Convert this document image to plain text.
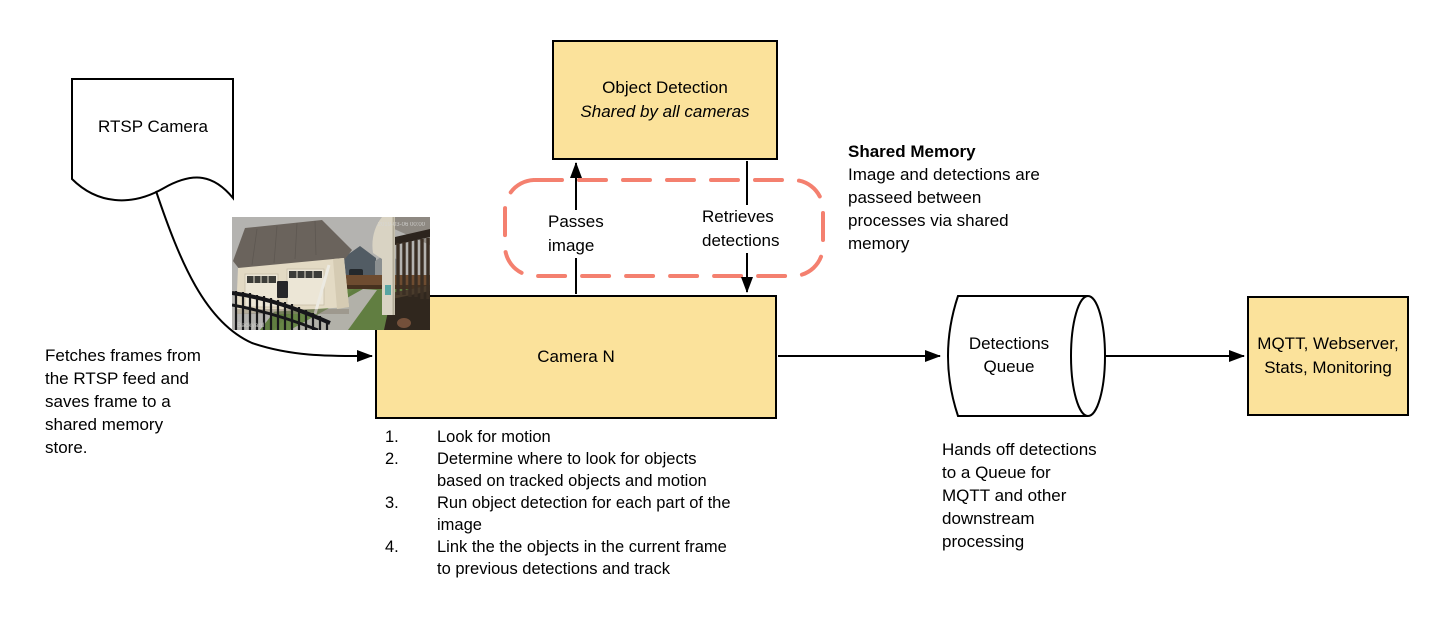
RTSP Camera
Fetches frames from
the RTSP feed and
saves frame to a
shared memory
store.
Object Detection
Shared by all cameras
Passes
image
Retrieves
detections
Shared Memory
Image and detections are
passeed between
processes via shared
memory
Camera N
1.	Look for motion
2.	Determine where to look for objects
based on tracked objects and motion
3.	Run object detection for each part of the
image
4.	Link the the objects in the current frame
to previous detections and track
Detections
Queue
Hands off detections
to a Queue for
MQTT and other
downstream
processing
MQTT, Webserver,
Stats, Monitoring
2019-03-06 00:00
Backyard
